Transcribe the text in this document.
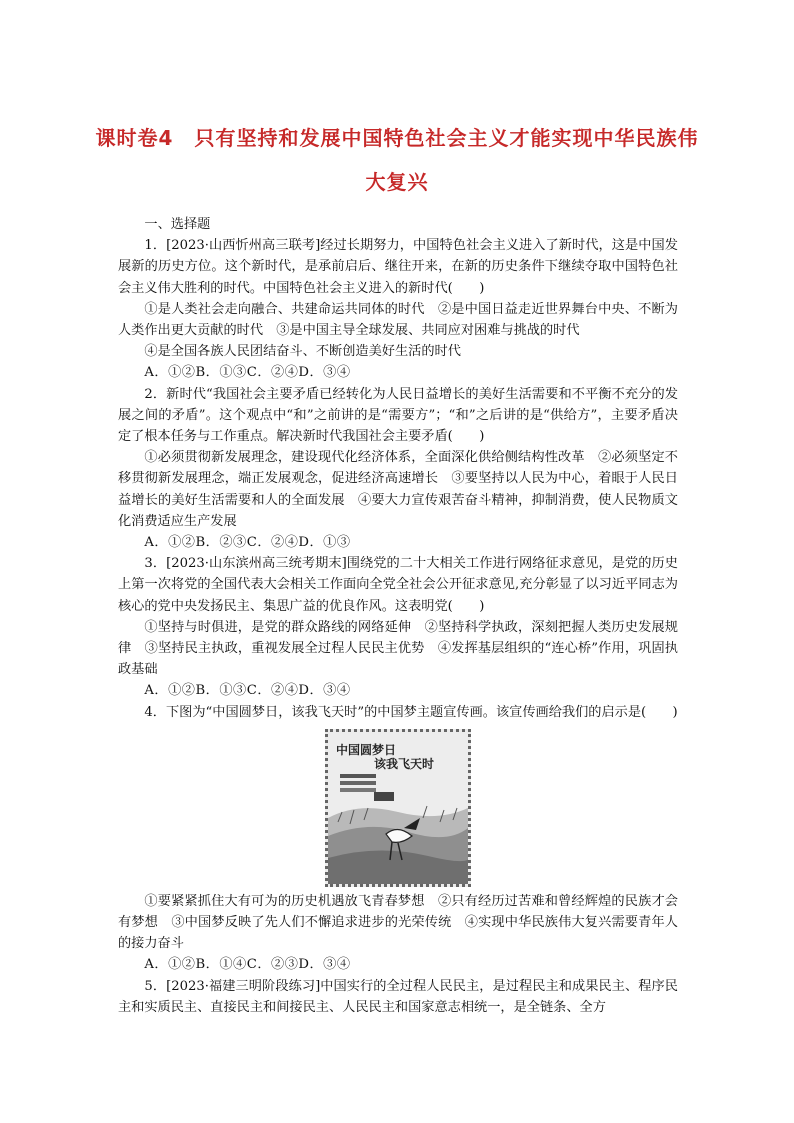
课时卷4　只有坚持和发展中国特色社会主义才能实现中华民族伟
大复兴

一、选择题

1．[2023·山西忻州高三联考]经过长期努力，中国特色社会主义进入了新时代，这是中国发展新的历史方位。这个新时代，是承前启后、继往开来，在新的历史条件下继续夺取中国特色社会主义伟大胜利的时代。中国特色社会主义进入的新时代(　　)

①是人类社会走向融合、共建命运共同体的时代　②是中国日益走近世界舞台中央、不断为人类作出更大贡献的时代　③是中国主导全球发展、共同应对困难与挑战的时代

④是全国各族人民团结奋斗、不断创造美好生活的时代

A．①②B．①③C．②④D．③④

2．新时代“我国社会主要矛盾已经转化为人民日益增长的美好生活需要和不平衡不充分的发展之间的矛盾”。这个观点中“和”之前讲的是“需要方”；“和”之后讲的是“供给方”，主要矛盾决定了根本任务与工作重点。解决新时代我国社会主要矛盾(　　)

①必须贯彻新发展理念，建设现代化经济体系，全面深化供给侧结构性改革　②必须坚定不移贯彻新发展理念，端正发展观念，促进经济高速增长　③要坚持以人民为中心，着眼于人民日益增长的美好生活需要和人的全面发展　④要大力宣传艰苦奋斗精神，抑制消费，使人民物质文化消费适应生产发展

A．①②B．②③C．②④D．①③

3．[2023·山东滨州高三统考期末]围绕党的二十大相关工作进行网络征求意见，是党的历史上第一次将党的全国代表大会相关工作面向全党全社会公开征求意见,充分彰显了以习近平同志为核心的党中央发扬民主、集思广益的优良作风。这表明党(　　)

①坚持与时俱进，是党的群众路线的网络延伸　②坚持科学执政，深刻把握人类历史发展规律　③坚持民主执政，重视发展全过程人民民主优势　④发挥基层组织的“连心桥”作用，巩固执政基础

A．①②B．①③C．②④D．③④

4．下图为“中国圆梦日，该我飞天时”的中国梦主题宣传画。该宣传画给我们的启示是(　　)

中国圆梦日
该我飞天时

①要紧紧抓住大有可为的历史机遇放飞青春梦想　②只有经历过苦难和曾经辉煌的民族才会有梦想　③中国梦反映了先人们不懈追求进步的光荣传统　④实现中华民族伟大复兴需要青年人的接力奋斗

A．①②B．①④C．②③D．③④

5．[2023·福建三明阶段练习]中国实行的全过程人民民主，是过程民主和成果民主、程序民主和实质民主、直接民主和间接民主、人民民主和国家意志相统一，是全链条、全方
